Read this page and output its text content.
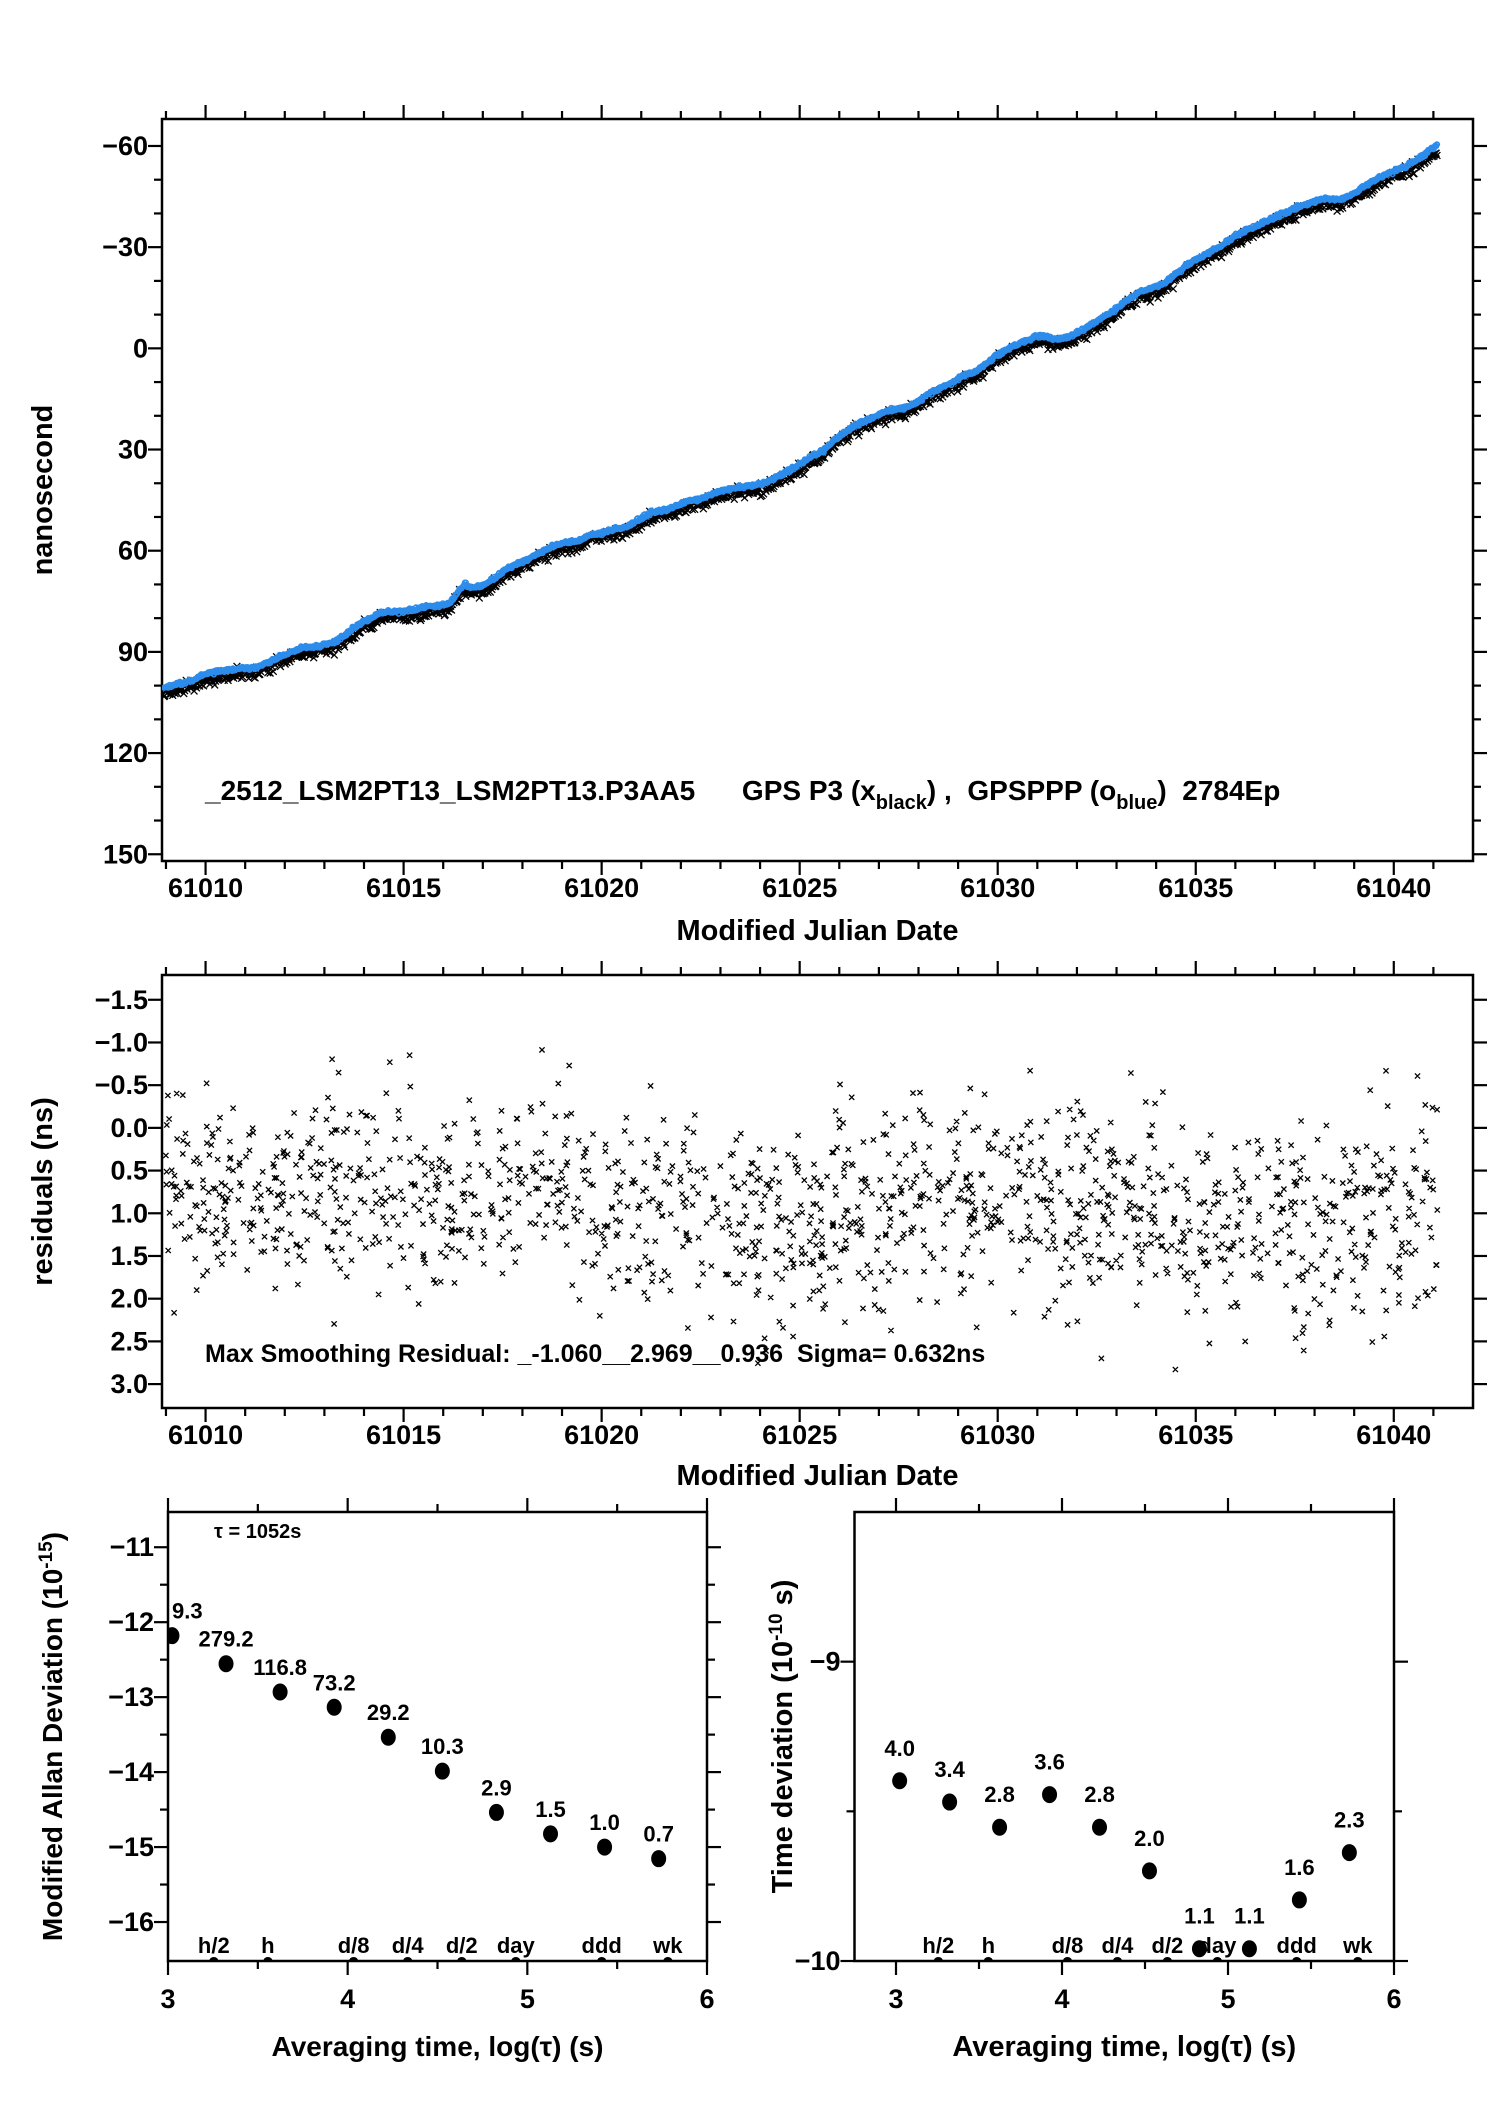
61010	61015	61020	61025	61030	61035	61040
150
120
90
60
30
0
−30
−60
Modified Julian Date
nanosecond
_2512_LSM2PT13_LSM2PT13.P3AA5      GPS P3 $(x_{black})$ ,  GPSPPP $(o_{blue})$  2784Ep
61010	61015	61020	61025	61030	61035	61040
3.0
2.5
2.0
1.5
1.0
0.5
0.0
−0.5
−1.0
−1.5
Modified Julian Date
residuals (ns)
Max Smoothing Residual: _-1.060__2.969__0.936  Sigma= 0.632ns
3	4	5	6
−11
−12
−13
−14
−15
−16
Averaging time, log(τ) (s)
Modified Allan Deviation $(10^{-15})$
h/2 h	d/8 d/4 d/2 day ddd wk
9.3
279.2
116.8
73.2
29.2
10.3
2.9
1.5
1.0 0.7
τ = 1052s
3	4	5	6
−9
−10
Averaging time, log(τ) (s)
Time deviation ($10^{-10}$ s)
h/2 h	d/8 d/4 d/2 day ddd wk
4.0
3.4
2.8
3.6
2.8
2.0
1.1 1.1
1.6
2.3
